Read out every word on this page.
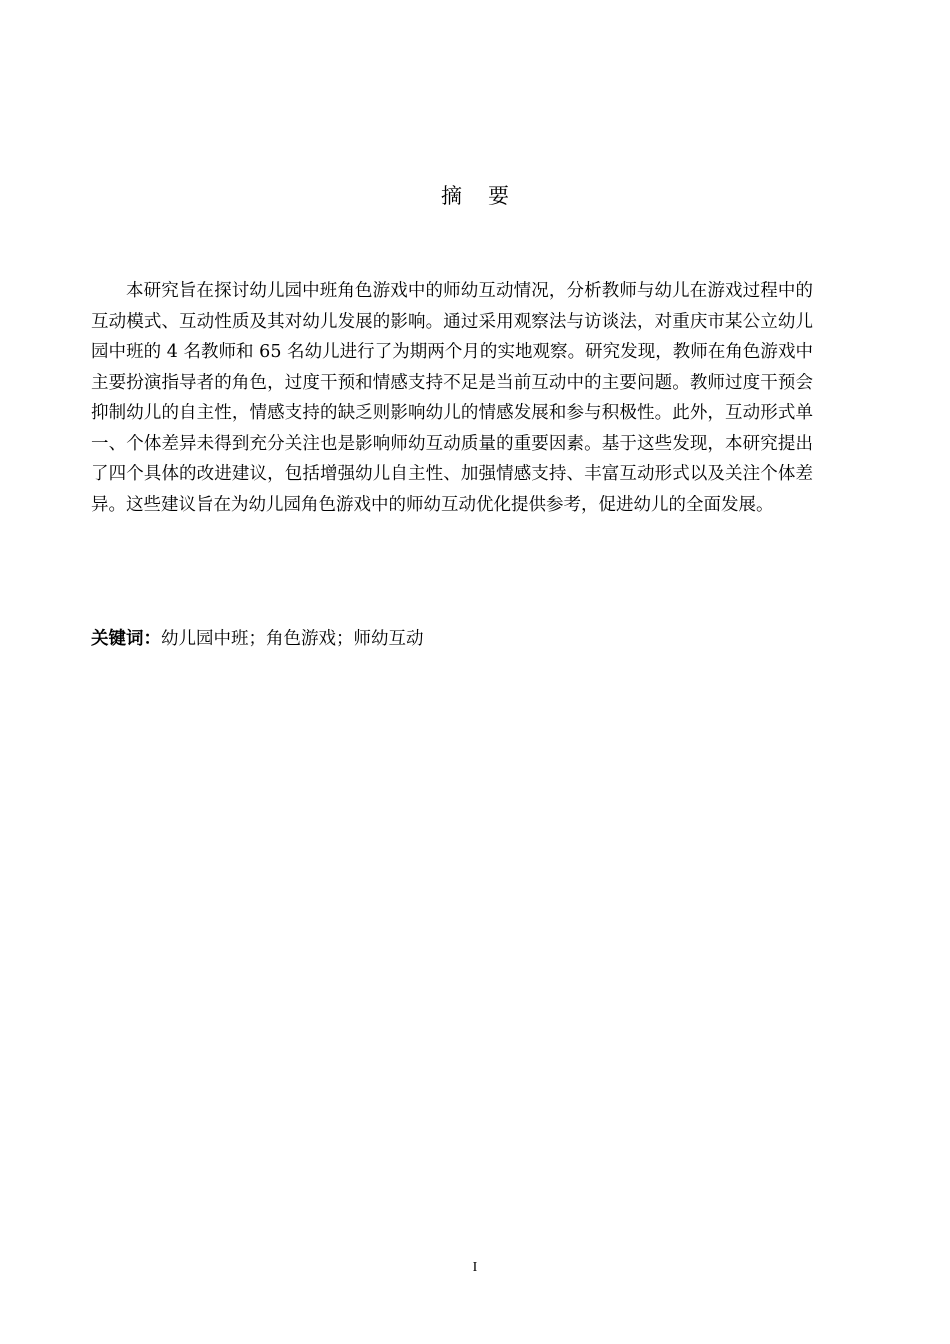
摘 要

本研究旨在探讨幼儿园中班角色游戏中的师幼互动情况，分析教师与幼儿在游戏过程中的互动模式、互动性质及其对幼儿发展的影响。通过采用观察法与访谈法，对重庆市某公立幼儿园中班的 4 名教师和 65 名幼儿进行了为期两个月的实地观察。研究发现，教师在角色游戏中主要扮演指导者的角色，过度干预和情感支持不足是当前互动中的主要问题。教师过度干预会抑制幼儿的自主性，情感支持的缺乏则影响幼儿的情感发展和参与积极性。此外，互动形式单一、个体差异未得到充分关注也是影响师幼互动质量的重要因素。基于这些发现，本研究提出了四个具体的改进建议，包括增强幼儿自主性、加强情感支持、丰富互动形式以及关注个体差异。这些建议旨在为幼儿园角色游戏中的师幼互动优化提供参考，促进幼儿的全面发展。

关键词：幼儿园中班；角色游戏；师幼互动

I
